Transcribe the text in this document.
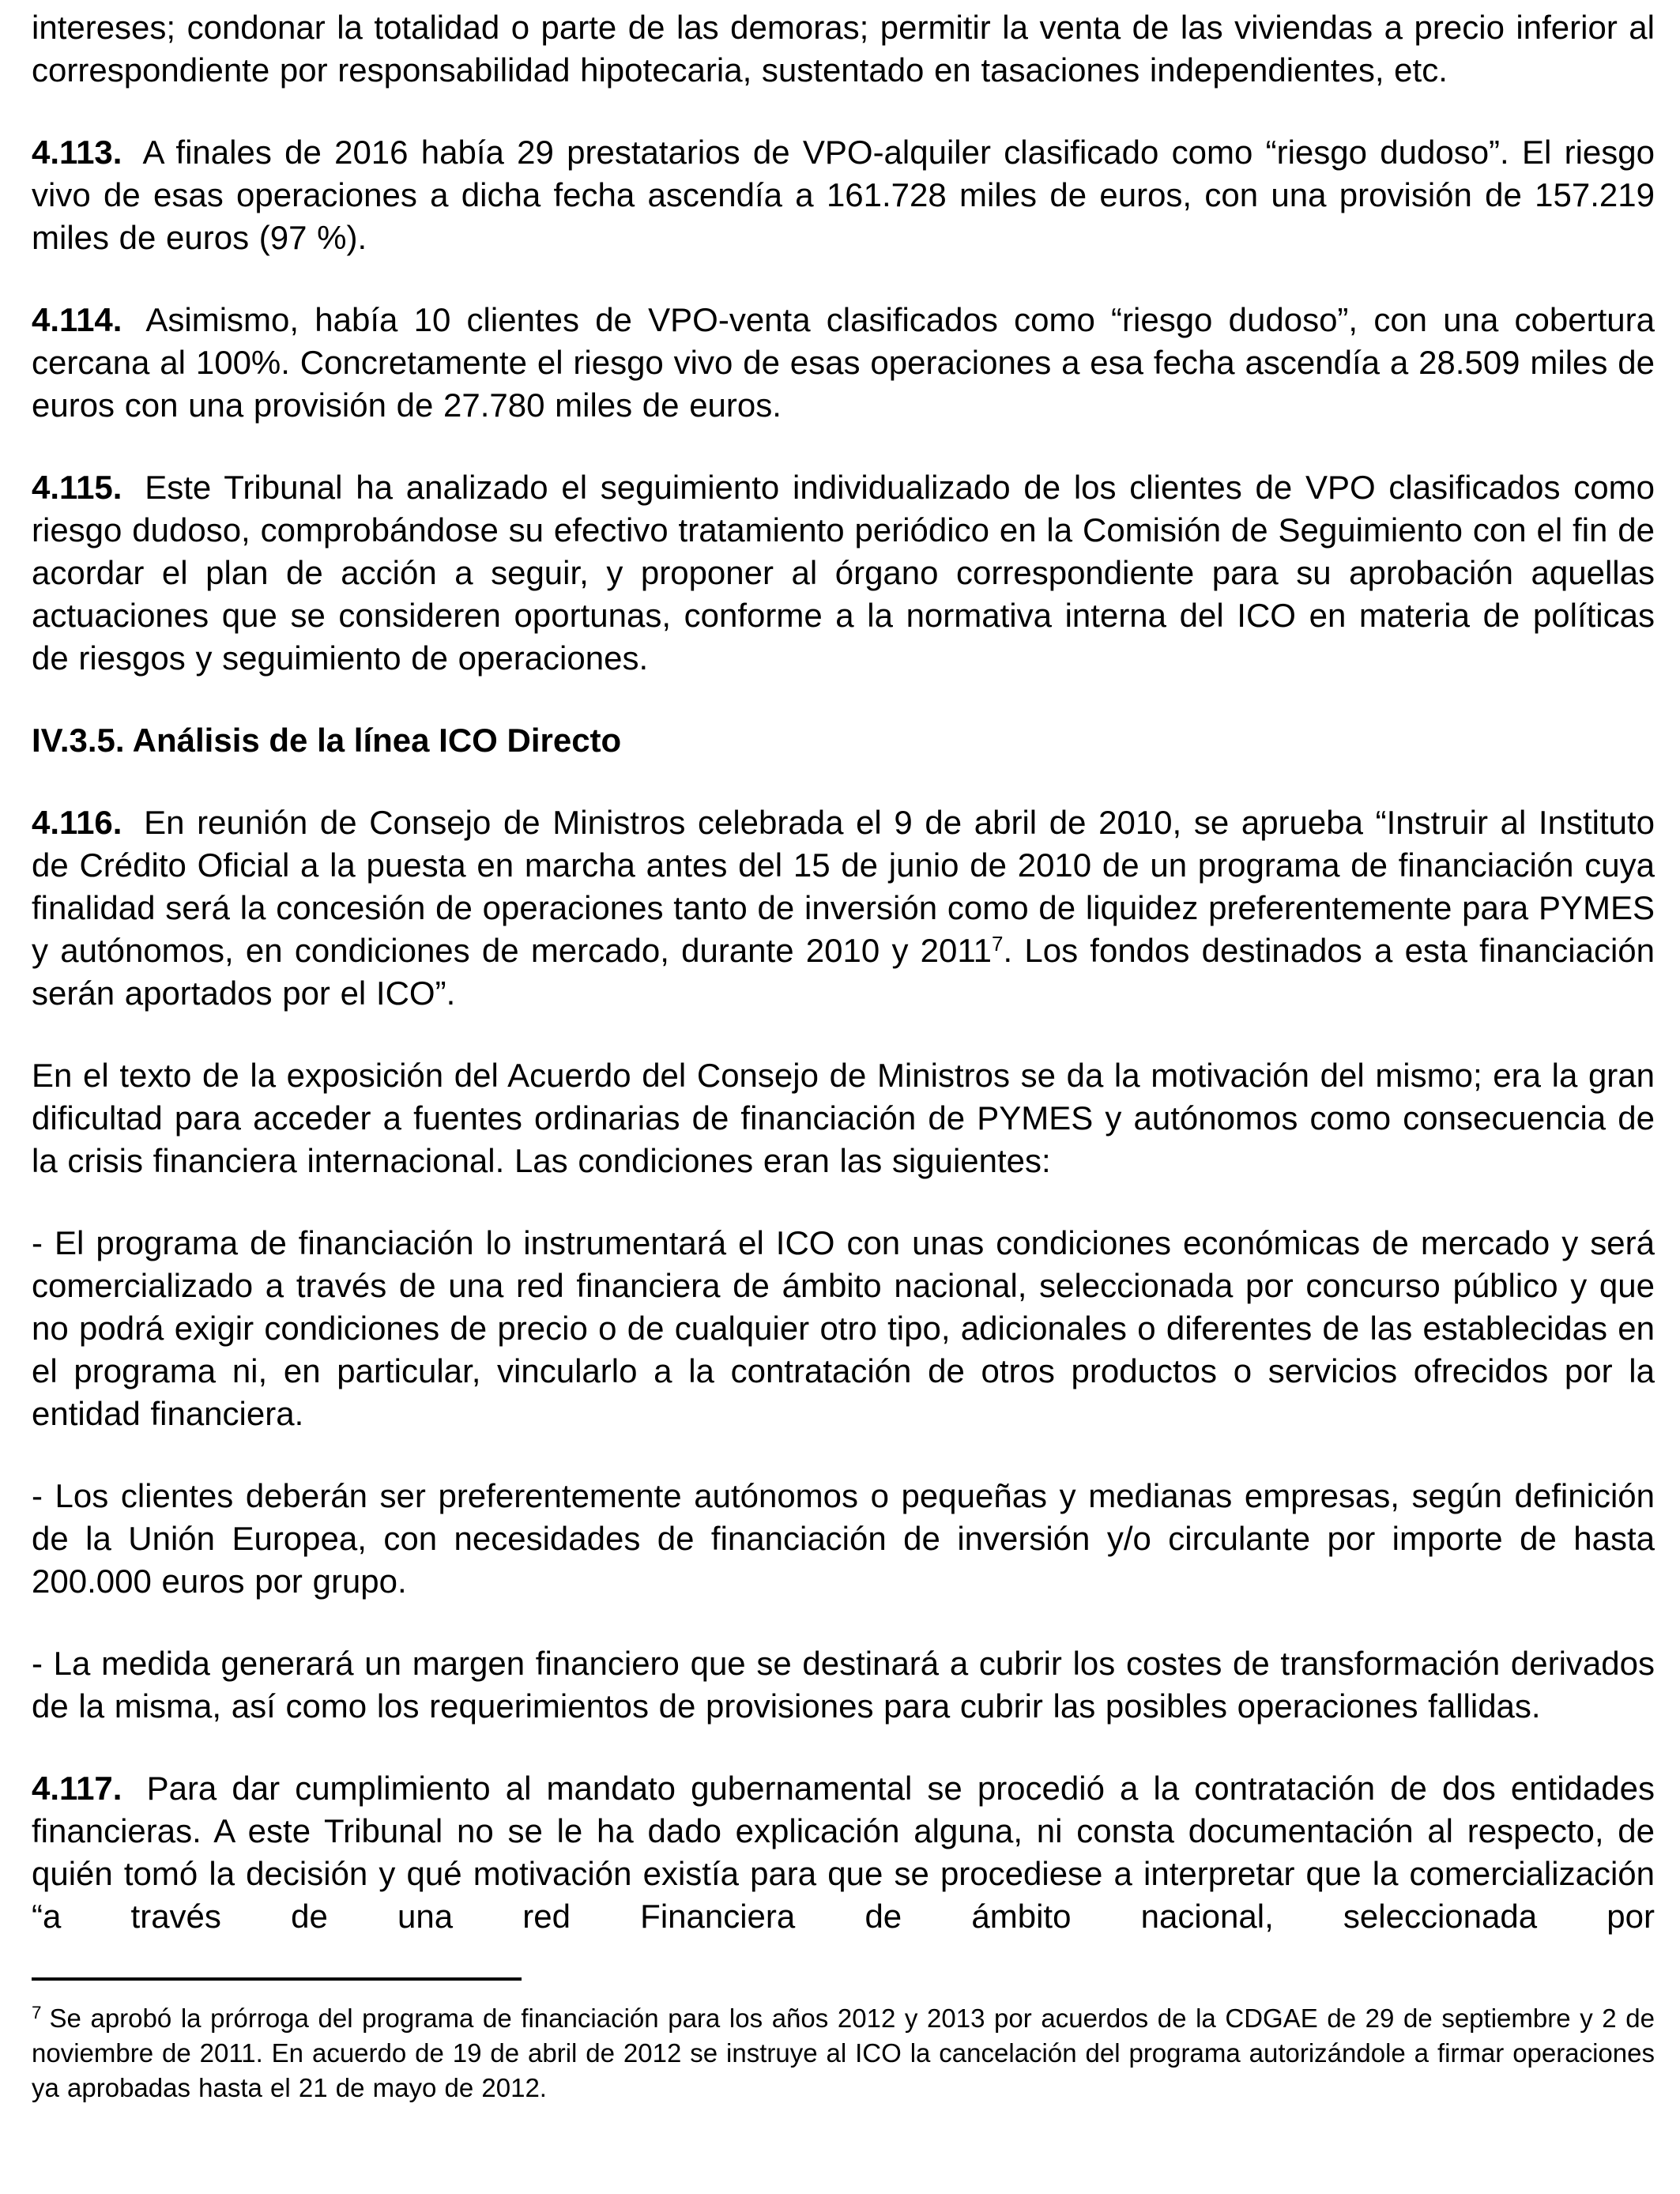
intereses; condonar la totalidad o parte de las demoras; permitir la venta de las viviendas a precio inferior al correspondiente por responsabilidad hipotecaria, sustentado en tasaciones independientes, etc.

4.113. A finales de 2016 había 29 prestatarios de VPO-alquiler clasificado como “riesgo dudoso”. El riesgo vivo de esas operaciones a dicha fecha ascendía a 161.728 miles de euros, con una provisión de 157.219 miles de euros (97 %).

4.114. Asimismo, había 10 clientes de VPO-venta clasificados como “riesgo dudoso”, con una cobertura cercana al 100%. Concretamente el riesgo vivo de esas operaciones a esa fecha ascendía a 28.509 miles de euros con una provisión de 27.780 miles de euros.

4.115. Este Tribunal ha analizado el seguimiento individualizado de los clientes de VPO clasificados como riesgo dudoso, comprobándose su efectivo tratamiento periódico en la Comisión de Seguimiento con el fin de acordar el plan de acción a seguir, y proponer al órgano correspondiente para su aprobación aquellas actuaciones que se consideren oportunas, conforme a la normativa interna del ICO en materia de políticas de riesgos y seguimiento de operaciones.

IV.3.5. Análisis de la línea ICO Directo

4.116. En reunión de Consejo de Ministros celebrada el 9 de abril de 2010, se aprueba “Instruir al Instituto de Crédito Oficial a la puesta en marcha antes del 15 de junio de 2010 de un programa de financiación cuya finalidad será la concesión de operaciones tanto de inversión como de liquidez preferentemente para PYMES y autónomos, en condiciones de mercado, durante 2010 y 2011$^7$. Los fondos destinados a esta financiación serán aportados por el ICO”.

En el texto de la exposición del Acuerdo del Consejo de Ministros se da la motivación del mismo; era la gran dificultad para acceder a fuentes ordinarias de financiación de PYMES y autónomos como consecuencia de la crisis financiera internacional. Las condiciones eran las siguientes:

- El programa de financiación lo instrumentará el ICO con unas condiciones económicas de mercado y será comercializado a través de una red financiera de ámbito nacional, seleccionada por concurso público y que no podrá exigir condiciones de precio o de cualquier otro tipo, adicionales o diferentes de las establecidas en el programa ni, en particular, vincularlo a la contratación de otros productos o servicios ofrecidos por la entidad financiera.

- Los clientes deberán ser preferentemente autónomos o pequeñas y medianas empresas, según definición de la Unión Europea, con necesidades de financiación de inversión y/o circulante por importe de hasta 200.000 euros por grupo.

- La medida generará un margen financiero que se destinará a cubrir los costes de transformación derivados de la misma, así como los requerimientos de provisiones para cubrir las posibles operaciones fallidas.

4.117. Para dar cumplimiento al mandato gubernamental se procedió a la contratación de dos entidades financieras. A este Tribunal no se le ha dado explicación alguna, ni consta documentación al respecto, de quién tomó la decisión y qué motivación existía para que se procediese a interpretar que la comercialización “a través de una red Financiera de ámbito nacional, seleccionada por

$^7$ Se aprobó la prórroga del programa de financiación para los años 2012 y 2013 por acuerdos de la CDGAE de 29 de septiembre y 2 de noviembre de 2011. En acuerdo de 19 de abril de 2012 se instruye al ICO la cancelación del programa autorizándole a firmar operaciones ya aprobadas hasta el 21 de mayo de 2012.
